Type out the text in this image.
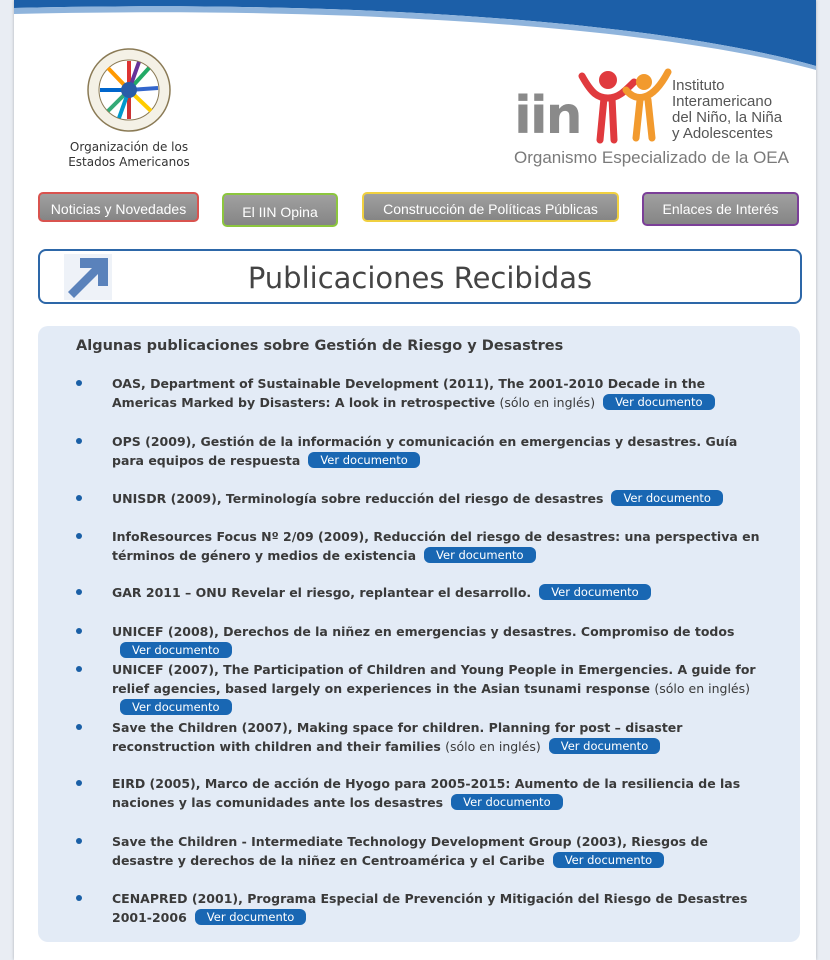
Organización de los
Estados Americanos
iin
Instituto
Interamericano
del Niño, la Niña
y Adolescentes
Organismo Especializado de la OEA
Noticias y Novedades	El IIN Opina	Construcción de Políticas Públicas	Enlaces de Interés
Publicaciones Recibidas
Algunas publicaciones sobre Gestión de Riesgo y Desastres
OAS, Department of Sustainable Development (2011), The 2001-2010 Decade in the Americas Marked by Disasters: A look in retrospective (sólo en inglés) Ver documento
OPS (2009), Gestión de la información y comunicación en emergencias y desastres. Guía para equipos de respuesta Ver documento
UNISDR (2009), Terminología sobre reducción del riesgo de desastres Ver documento
InfoResources Focus Nº 2/09 (2009), Reducción del riesgo de desastres: una perspectiva en términos de género y medios de existencia Ver documento
GAR 2011 – ONU Revelar el riesgo, replantear el desarrollo. Ver documento
UNICEF (2008), Derechos de la niñez en emergencias y desastres. Compromiso de todosVer documento
UNICEF (2007), The Participation of Children and Young People in Emergencies. A guide for relief agencies, based largely on experiences in the Asian tsunami response (sólo en inglés)Ver documento
Save the Children (2007), Making space for children. Planning for post – disaster reconstruction with children and their families (sólo en inglés) Ver documento
EIRD (2005), Marco de acción de Hyogo para 2005-2015: Aumento de la resiliencia de las naciones y las comunidades ante los desastres Ver documento
Save the Children - Intermediate Technology Development Group (2003), Riesgos de desastre y derechos de la niñez en Centroamérica y el Caribe Ver documento
CENAPRED (2001), Programa Especial de Prevención y Mitigación del Riesgo de Desastres 2001-2006 Ver documento
